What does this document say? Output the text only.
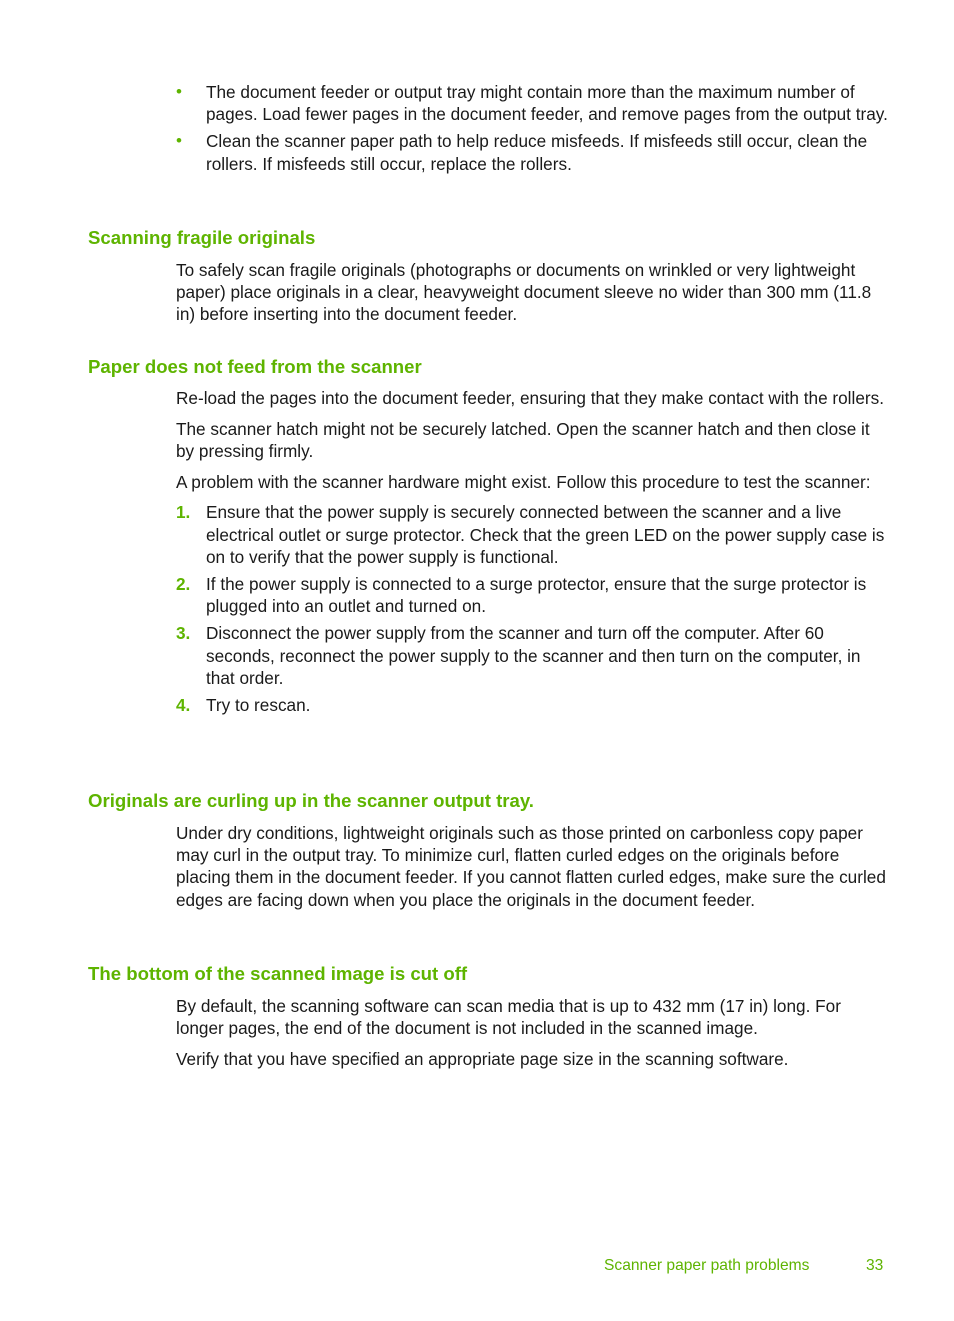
• The document feeder or output tray might contain more than the maximum number of pages. Load fewer pages in the document feeder, and remove pages from the output tray.
• Clean the scanner paper path to help reduce misfeeds. If misfeeds still occur, clean the rollers. If misfeeds still occur, replace the rollers.
Scanning fragile originals

To safely scan fragile originals (photographs or documents on wrinkled or very lightweight paper) place originals in a clear, heavyweight document sleeve no wider than 300 mm (11.8 in) before inserting into the document feeder.

Paper does not feed from the scanner

Re-load the pages into the document feeder, ensuring that they make contact with the rollers.

The scanner hatch might not be securely latched. Open the scanner hatch and then close it by pressing firmly.

A problem with the scanner hardware might exist. Follow this procedure to test the scanner:

1. Ensure that the power supply is securely connected between the scanner and a live electrical outlet or surge protector. Check that the green LED on the power supply case is on to verify that the power supply is functional.
2. If the power supply is connected to a surge protector, ensure that the surge protector is plugged into an outlet and turned on.
3. Disconnect the power supply from the scanner and turn off the computer. After 60 seconds, reconnect the power supply to the scanner and then turn on the computer, in that order.
4. Try to rescan.
Originals are curling up in the scanner output tray.

Under dry conditions, lightweight originals such as those printed on carbonless copy paper may curl in the output tray. To minimize curl, flatten curled edges on the originals before placing them in the document feeder. If you cannot flatten curled edges, make sure the curled edges are facing down when you place the originals in the document feeder.

The bottom of the scanned image is cut off

By default, the scanning software can scan media that is up to 432 mm (17 in) long. For longer pages, the end of the document is not included in the scanned image.

Verify that you have specified an appropriate page size in the scanning software.

Scanner paper path problems	33
